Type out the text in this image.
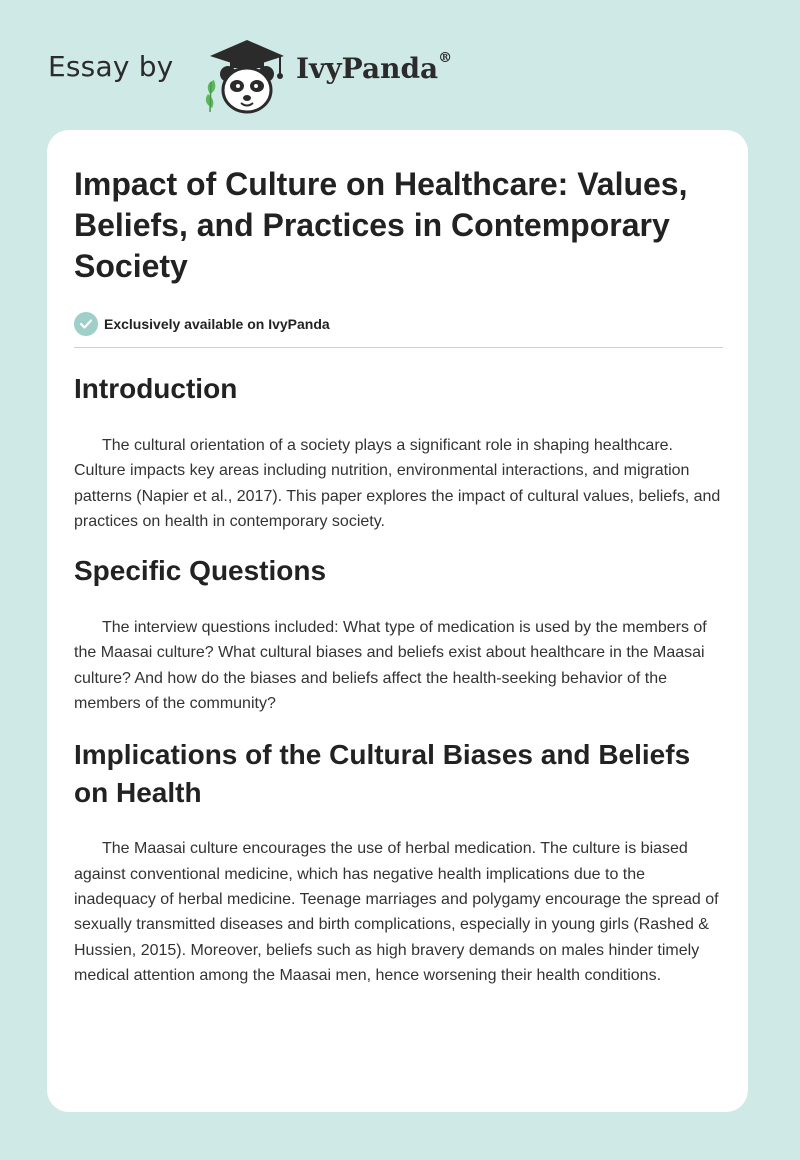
Essay by	IvyPanda®
Impact of Culture on Healthcare: Values, Beliefs, and Practices in Contemporary Society
Exclusively available on IvyPanda
Introduction

The cultural orientation of a society plays a significant role in shaping healthcare. Culture impacts key areas including nutrition, environmental interactions, and migration patterns (Napier et al., 2017). This paper explores the impact of cultural values, beliefs, and practices on health in contemporary society.

Specific Questions

The interview questions included: What type of medication is used by the members of the Maasai culture? What cultural biases and beliefs exist about healthcare in the Maasai culture? And how do the biases and beliefs affect the health-seeking behavior of the members of the community?

Implications of the Cultural Biases and Beliefs on Health

The Maasai culture encourages the use of herbal medication. The culture is biased against conventional medicine, which has negative health implications due to the inadequacy of herbal medicine. Teenage marriages and polygamy encourage the spread of sexually transmitted diseases and birth complications, especially in young girls (Rashed & Hussien, 2015). Moreover, beliefs such as high bravery demands on males hinder timely medical attention among the Maasai men, hence worsening their health conditions.
